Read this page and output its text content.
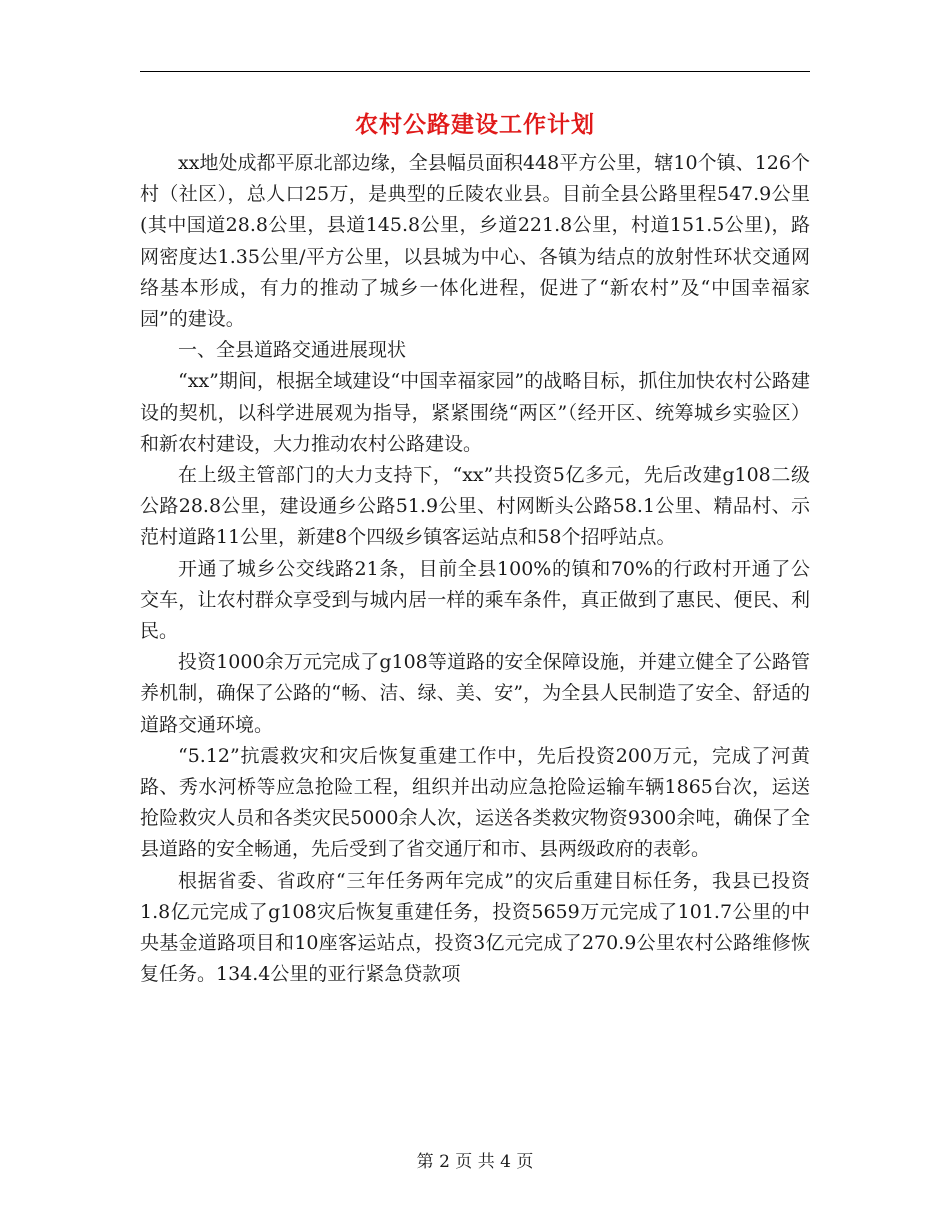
农村公路建设工作计划

xx地处成都平原北部边缘，全县幅员面积448平方公里，辖10个镇、126个村（社区），总人口25万，是典型的丘陵农业县。目前全县公路里程547.9公里(其中国道28.8公里，县道145.8公里，乡道221.8公里，村道151.5公里)，路网密度达1.35公里/平方公里，以县城为中心、各镇为结点的放射性环状交通网络基本形成，有力的推动了城乡一体化进程，促进了“新农村”及“中国幸福家园”的建设。

一、全县道路交通进展现状

“xx”期间，根据全域建设“中国幸福家园”的战略目标，抓住加快农村公路建设的契机，以科学进展观为指导，紧紧围绕“两区”（经开区、统筹城乡实验区）和新农村建设，大力推动农村公路建设。

在上级主管部门的大力支持下，“xx”共投资5亿多元，先后改建g108二级公路28.8公里，建设通乡公路51.9公里、村网断头公路58.1公里、精品村、示范村道路11公里，新建8个四级乡镇客运站点和58个招呼站点。

开通了城乡公交线路21条，目前全县100%的镇和70%的行政村开通了公交车，让农村群众享受到与城内居一样的乘车条件，真正做到了惠民、便民、利民。

投资1000余万元完成了g108等道路的安全保障设施，并建立健全了公路管养机制，确保了公路的“畅、洁、绿、美、安”，为全县人民制造了安全、舒适的道路交通环境。

“5.12”抗震救灾和灾后恢复重建工作中，先后投资200万元，完成了河黄路、秀水河桥等应急抢险工程，组织并出动应急抢险运输车辆1865台次，运送抢险救灾人员和各类灾民5000余人次，运送各类救灾物资9300余吨，确保了全县道路的安全畅通，先后受到了省交通厅和市、县两级政府的表彰。

根据省委、省政府“三年任务两年完成”的灾后重建目标任务，我县已投资1.8亿元完成了g108灾后恢复重建任务，投资5659万元完成了101.7公里的中央基金道路项目和10座客运站点，投资3亿元完成了270.9公里农村公路维修恢复任务。134.4公里的亚行紧急贷款项

第 2 页 共 4 页
